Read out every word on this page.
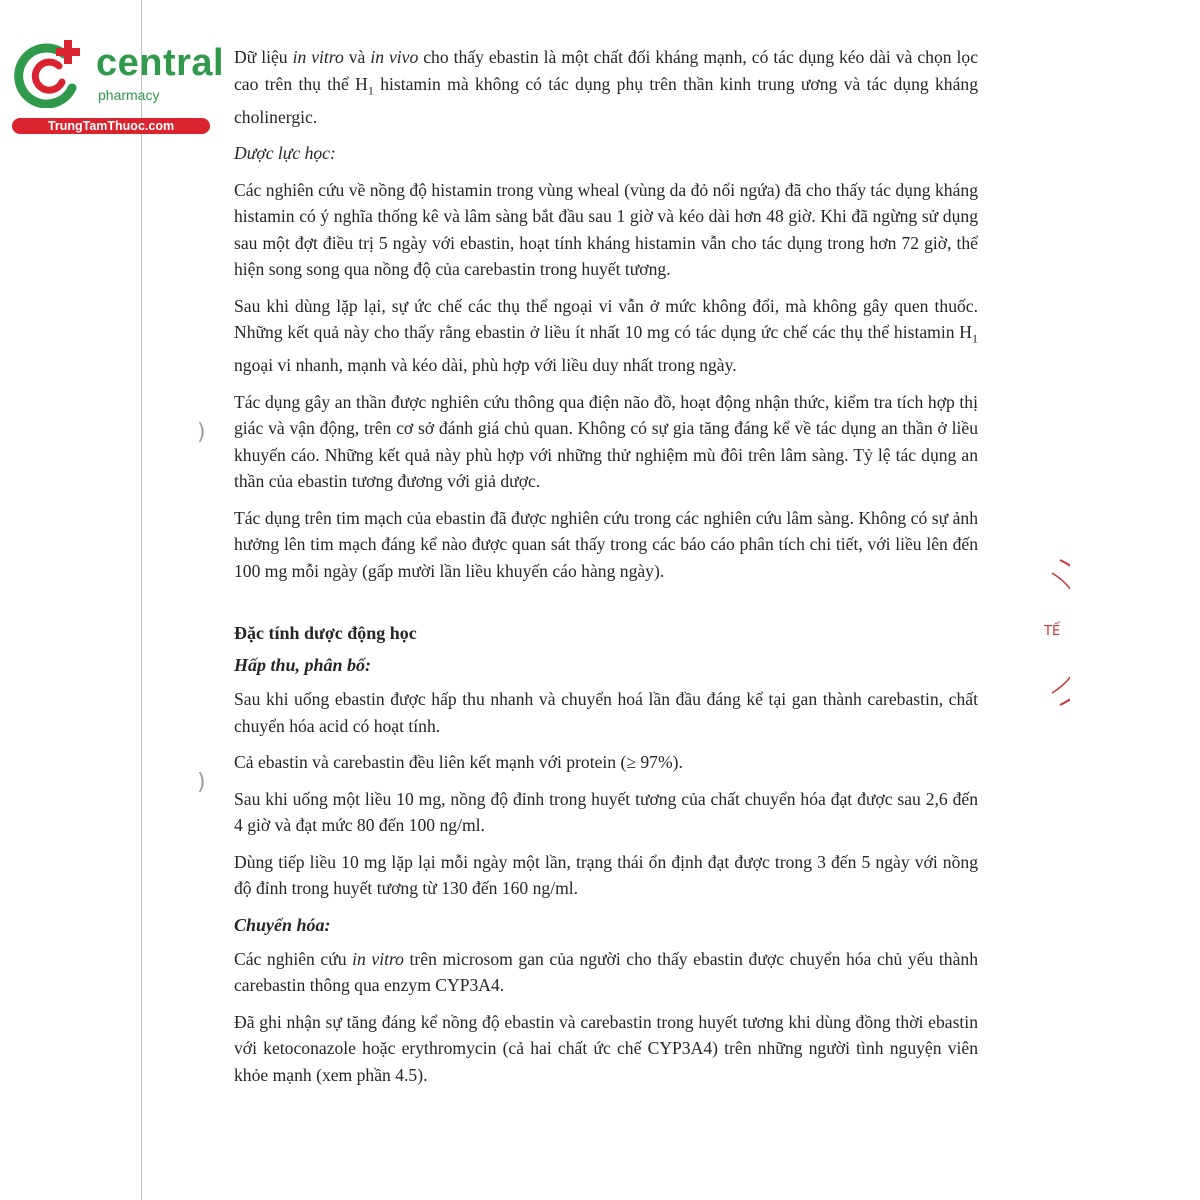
central
pharmacy
TrungTamThuoc.com

Dữ liệu in vitro và in vivo cho thấy ebastin là một chất đối kháng mạnh, có tác dụng kéo dài và chọn lọc cao trên thụ thể $H_1$ histamin mà không có tác dụng phụ trên thần kinh trung ương và tác dụng kháng cholinergic.

Dược lực học:

Các nghiên cứu về nồng độ histamin trong vùng wheal (vùng da đỏ nổi ngứa) đã cho thấy tác dụng kháng histamin có ý nghĩa thống kê và lâm sàng bắt đầu sau 1 giờ và kéo dài hơn 48 giờ. Khi đã ngừng sử dụng sau một đợt điều trị 5 ngày với ebastin, hoạt tính kháng histamin vẫn cho tác dụng trong hơn 72 giờ, thể hiện song song qua nồng độ của carebastin trong huyết tương.

Sau khi dùng lặp lại, sự ức chế các thụ thể ngoại vi vẫn ở mức không đổi, mà không gây quen thuốc. Những kết quả này cho thấy rằng ebastin ở liều ít nhất 10 mg có tác dụng ức chế các thụ thể histamin $H_1$ ngoại vi nhanh, mạnh và kéo dài, phù hợp với liều duy nhất trong ngày.

Tác dụng gây an thần được nghiên cứu thông qua điện não đồ, hoạt động nhận thức, kiểm tra tích hợp thị giác và vận động, trên cơ sở đánh giá chủ quan. Không có sự gia tăng đáng kể về tác dụng an thần ở liều khuyến cáo. Những kết quả này phù hợp với những thử nghiệm mù đôi trên lâm sàng. Tỷ lệ tác dụng an thần của ebastin tương đương với giả dược.

Tác dụng trên tim mạch của ebastin đã được nghiên cứu trong các nghiên cứu lâm sàng. Không có sự ảnh hưởng lên tim mạch đáng kể nào được quan sát thấy trong các báo cáo phân tích chi tiết, với liều lên đến 100 mg mỗi ngày (gấp mười lần liều khuyến cáo hàng ngày).

Đặc tính dược động học

Hấp thu, phân bố:

Sau khi uống ebastin được hấp thu nhanh và chuyển hoá lần đầu đáng kể tại gan thành carebastin, chất chuyển hóa acid có hoạt tính.

Cả ebastin và carebastin đều liên kết mạnh với protein (≥ 97%).

Sau khi uống một liều 10 mg, nồng độ đỉnh trong huyết tương của chất chuyển hóa đạt được sau 2,6 đến 4 giờ và đạt mức 80 đến 100 ng/ml.

Dùng tiếp liều 10 mg lặp lại mỗi ngày một lần, trạng thái ổn định đạt được trong 3 đến 5 ngày với nồng độ đỉnh trong huyết tương từ 130 đến 160 ng/ml.

Chuyển hóa:

Các nghiên cứu in vitro trên microsom gan của người cho thấy ebastin được chuyển hóa chủ yếu thành carebastin thông qua enzym CYP3A4.

Đã ghi nhận sự tăng đáng kể nồng độ ebastin và carebastin trong huyết tương khi dùng đồng thời ebastin với ketoconazole hoặc erythromycin (cả hai chất ức chế CYP3A4) trên những người tình nguyện viên khỏe mạnh (xem phần 4.5).

TẾ
)
)
